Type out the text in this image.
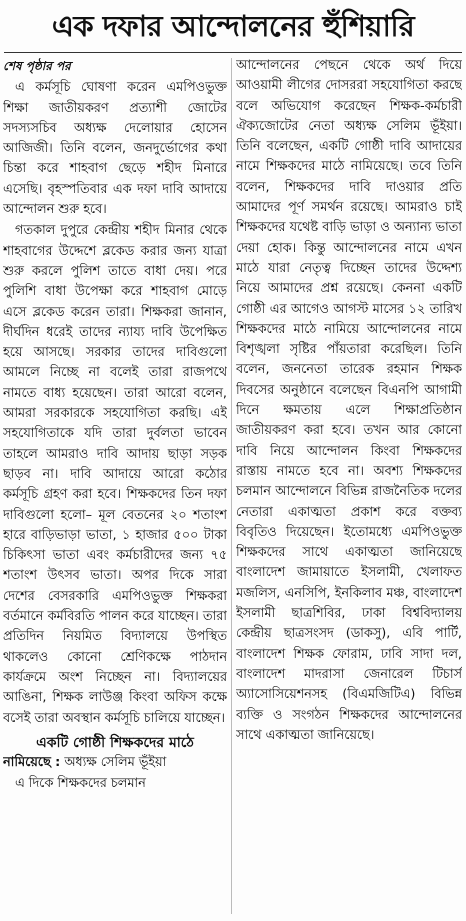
এক দফার আন্দোলনের হুঁশিয়ারি

শেষ পৃষ্ঠার পর

এ কর্মসূচি ঘোষণা করেন এমপিওভুক্ত শিক্ষা জাতীয়করণ প্রত্যাশী জোটের সদস্যসচিব অধ্যক্ষ দেলোয়ার হোসেন আজিজী। তিনি বলেন, জনদুর্ভোগের কথা চিন্তা করে শাহবাগ ছেড়ে শহীদ মিনারে এসেছি। বৃহস্পতিবার এক দফা দাবি আদায়ে আন্দোলন শুরু হবে।

গতকাল দুপুরে কেন্দ্রীয় শহীদ মিনার থেকে শাহবাগের উদ্দেশে ব্লকেড করার জন্য যাত্রা শুরু করলে পুলিশ তাতে বাধা দেয়। পরে পুলিশি বাধা উপেক্ষা করে শাহবাগ মোড়ে এসে ব্লকেড করেন তারা। শিক্ষকরা জানান, দীর্ঘদিন ধরেই তাদের ন্যায্য দাবি উপেক্ষিত হয়ে আসছে। সরকার তাদের দাবিগুলো আমলে নিচ্ছে না বলেই তারা রাজপথে নামতে বাধ্য হয়েছেন। তারা আরো বলেন, আমরা সরকারকে সহযোগিতা করছি। এই সহযোগিতাকে যদি তারা দুর্বলতা ভাবেন তাহলে আমরাও দাবি আদায় ছাড়া সড়ক ছাড়ব না। দাবি আদায়ে আরো কঠোর কর্মসূচি গ্রহণ করা হবে। শিক্ষকদের তিন দফা দাবিগুলো হলো– মূল বেতনের ২০ শতাংশ হারে বাড়িভাড়া ভাতা, ১ হাজার ৫০০ টাকা চিকিৎসা ভাতা এবং কর্মচারীদের জন্য ৭৫ শতাংশ উৎসব ভাতা। অপর দিকে সারা দেশের বেসরকারি এমপিওভুক্ত শিক্ষকরা বর্তমানে কর্মবিরতি পালন করে যাচ্ছেন। তারা প্রতিদিন নিয়মিত বিদ্যালয়ে উপস্থিত থাকলেও কোনো শ্রেণিকক্ষে পাঠদান কার্যক্রমে অংশ নিচ্ছেন না। বিদ্যালয়ের আঙিনা, শিক্ষক লাউঞ্জ কিংবা অফিস কক্ষে বসেই তারা অবস্থান কর্মসূচি চালিয়ে যাচ্ছেন।

একটি গোষ্ঠী শিক্ষকদের মাঠে

নামিয়েছে : অধ্যক্ষ সেলিম ভূঁইয়া

এ দিকে শিক্ষকদের চলমান

আন্দোলনের পেছনে থেকে অর্থ দিয়ে আওয়ামী লীগের দোসররা সহযোগিতা করছে বলে অভিযোগ করেছেন শিক্ষক-কর্মচারী ঐক্যজোটের নেতা অধ্যক্ষ সেলিম ভূঁইয়া। তিনি বলেছেন, একটি গোষ্ঠী দাবি আদায়ের নামে শিক্ষকদের মাঠে নামিয়েছে। তবে তিনি বলেন, শিক্ষকদের দাবি দাওয়ার প্রতি আমাদের পূর্ণ সমর্থন রয়েছে। আমরাও চাই শিক্ষকদের যথেষ্ট বাড়ি ভাড়া ও অন্যান্য ভাতা দেয়া হোক। কিন্তু আন্দোলনের নামে এখন মাঠে যারা নেতৃত্ব দিচ্ছেন তাদের উদ্দেশ্য নিয়ে আমাদের প্রশ্ন রয়েছে। কেননা একটি গোষ্ঠী এর আগেও আগস্ট মাসের ১২ তারিখ শিক্ষকদের মাঠে নামিয়ে আন্দোলনের নামে বিশৃঙ্খলা সৃষ্টির পাঁয়তারা করেছিল। তিনি বলেন, জননেতা তারেক রহমান শিক্ষক দিবসের অনুষ্ঠানে বলেছেন বিএনপি আগামী দিনে ক্ষমতায় এলে শিক্ষাপ্রতিষ্ঠান জাতীয়করণ করা হবে। তখন আর কোনো দাবি নিয়ে আন্দোলন কিংবা শিক্ষকদের রাস্তায় নামতে হবে না। অবশ্য শিক্ষকদের চলমান আন্দোলনে বিভিন্ন রাজনৈতিক দলের নেতারা একাত্মতা প্রকাশ করে বক্তব্য বিবৃতিও দিয়েছেন। ইতোমধ্যে এমপিওভুক্ত শিক্ষকদের সাথে একাত্মতা জানিয়েছে বাংলাদেশ জামায়াতে ইসলামী, খেলাফত মজলিস, এনসিপি, ইনকিলাব মঞ্চ, বাংলাদেশ ইসলামী ছাত্রশিবির, ঢাকা বিশ্ববিদ্যালয় কেন্দ্রীয় ছাত্রসংসদ (ডাকসু), এবি পার্টি, বাংলাদেশ শিক্ষক ফোরাম, ঢাবি সাদা দল, বাংলাদেশ মাদরাসা জেনারেল টিচার্স অ্যাসোসিয়েশনসহ (বিএমজিটিএ) বিভিন্ন ব্যক্তি ও সংগঠন শিক্ষকদের আন্দোলনের সাথে একাত্মতা জানিয়েছে।
